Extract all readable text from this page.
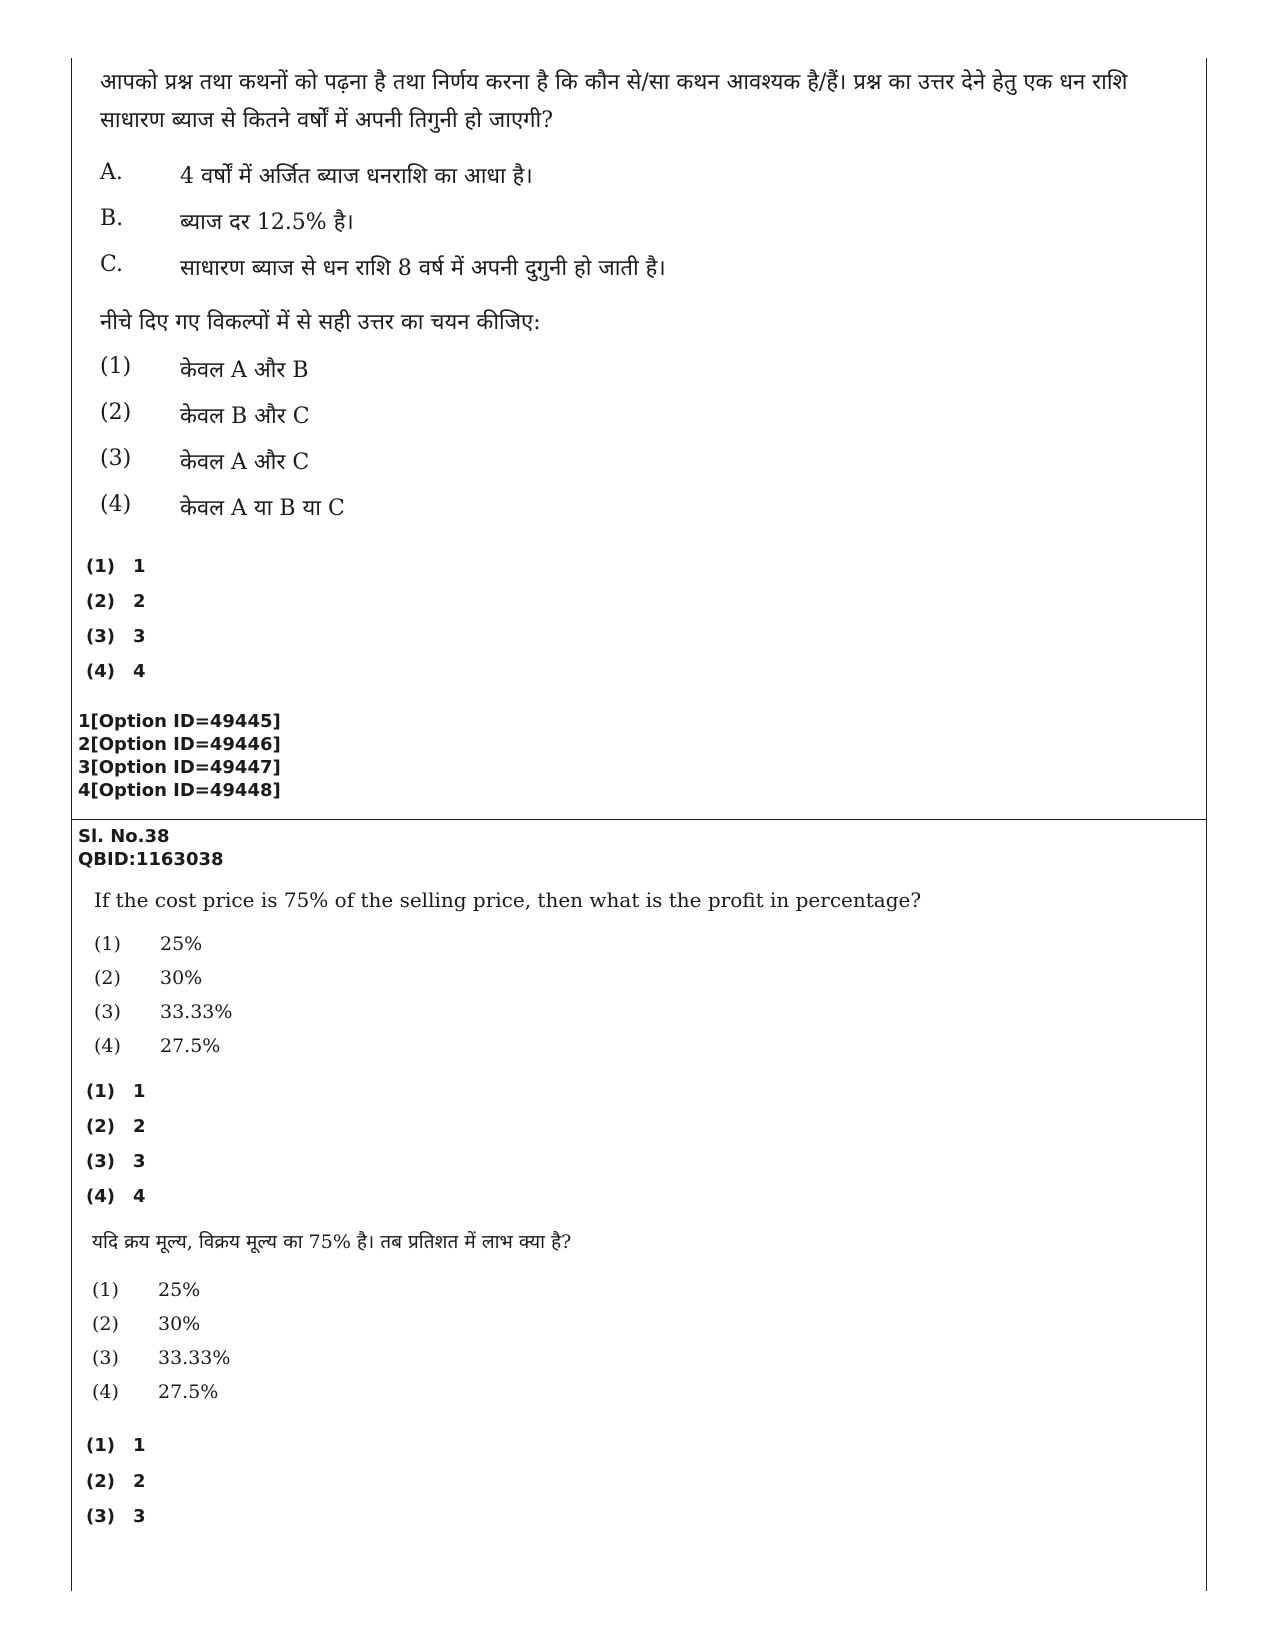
आपको प्रश्न तथा कथनों को पढ़ना है तथा निर्णय करना है कि कौन से/सा कथन आवश्यक है/हैं। प्रश्न का उत्तर देने हेतु एक धन राशि साधारण ब्याज से कितने वर्षों में अपनी तिगुनी हो जाएगी?
A.	4 वर्षों में अर्जित ब्याज धनराशि का आधा है।
B.	ब्याज दर 12.5% है।
C.	साधारण ब्याज से धन राशि 8 वर्ष में अपनी दुगुनी हो जाती है।
नीचे दिए गए विकल्पों में से सही उत्तर का चयन कीजिए:
(1) केवल A और B
(2) केवल B और C
(3) केवल A और C
(4) केवल A या B या C
(1) 1
(2) 2
(3) 3
(4) 4
1[Option ID=49445]
2[Option ID=49446]
3[Option ID=49447]
4[Option ID=49448]
Sl. No.38
QBID:1163038
If the cost price is 75% of the selling price, then what is the profit in percentage?
(1) 25%
(2) 30%
(3) 33.33%
(4) 27.5%
(1) 1
(2) 2
(3) 3
(4) 4
यदि क्रय मूल्य, विक्रय मूल्य का 75% है। तब प्रतिशत में लाभ क्या है?
(1) 25%
(2) 30%
(3) 33.33%
(4) 27.5%
(1) 1
(2) 2
(3) 3
